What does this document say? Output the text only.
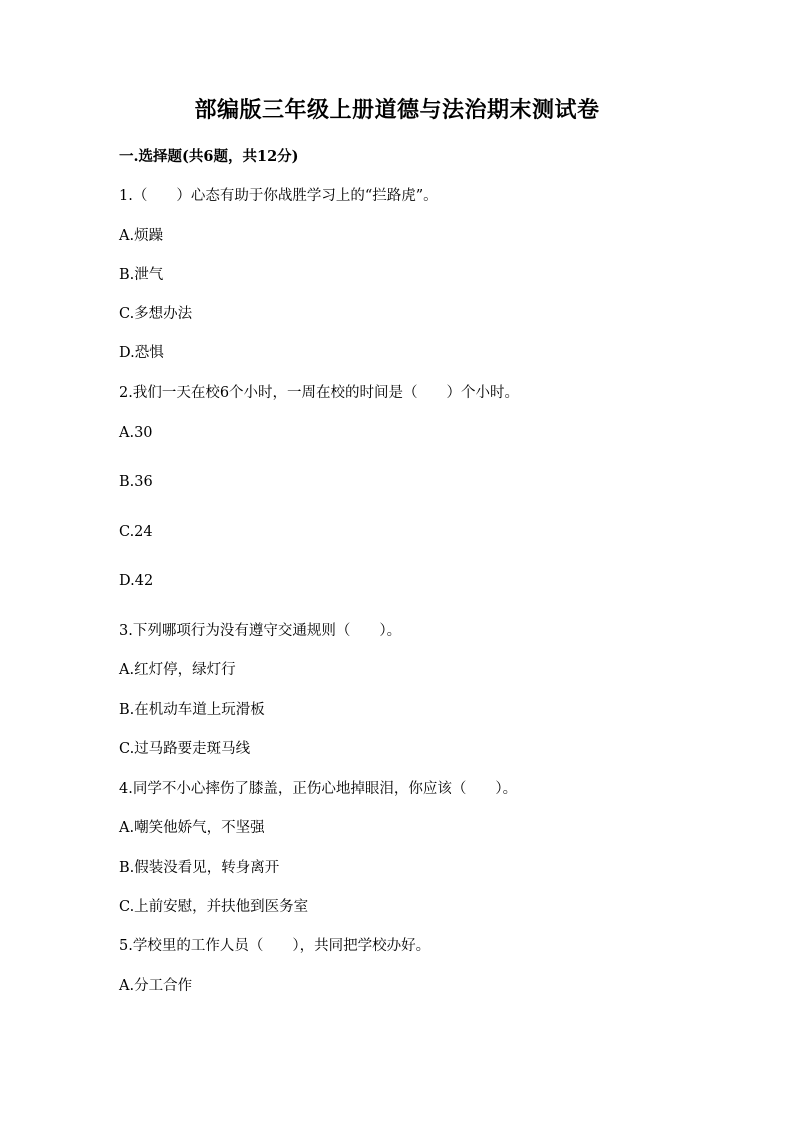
部编版三年级上册道德与法治期末测试卷
一.选择题(共6题，共12分)
1.（　　）心态有助于你战胜学习上的“拦路虎”。
A.烦躁
B.泄气
C.多想办法
D.恐惧
2.我们一天在校6个小时，一周在校的时间是（　　）个小时。
A.30
B.36
C.24
D.42
3.下列哪项行为没有遵守交通规则（　　）。
A.红灯停，绿灯行
B.在机动车道上玩滑板
C.过马路要走斑马线
4.同学不小心摔伤了膝盖，正伤心地掉眼泪，你应该（　　）。
A.嘲笑他娇气，不坚强
B.假装没看见，转身离开
C.上前安慰，并扶他到医务室
5.学校里的工作人员（　　），共同把学校办好。
A.分工合作
